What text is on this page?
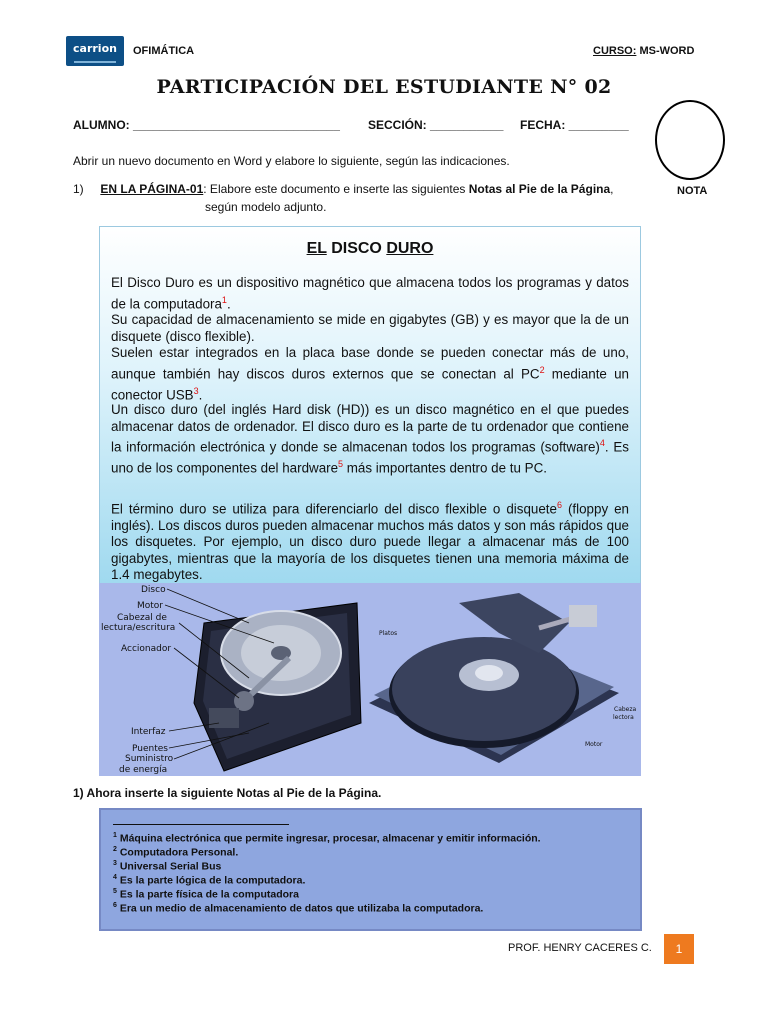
carrion	OFIMÁTICA	CURSO: MS-WORD
PARTICIPACIÓN DEL ESTUDIANTE N° 02
ALUMNO: _______________________________ SECCIÓN: ___________ FECHA: _________
NOTA
Abrir un nuevo documento en Word y elabore lo siguiente, según las indicaciones.
1) EN LA PÁGINA-01: Elabore este documento e inserte las siguientes Notas al Pie de la Página,
según modelo adjunto.
EL DISCO DURO
El Disco Duro es un dispositivo magnético que almacena todos los programas y datos de la computadora$^1$.
Su capacidad de almacenamiento se mide en gigabytes (GB) y es mayor que la de un disquete (disco flexible).
Suelen estar integrados en la placa base donde se pueden conectar más de uno, aunque también hay discos duros externos que se conectan al $PC^2$ mediante un conector USB$^3$.
Un disco duro (del inglés Hard disk (HD)) es un disco magnético en el que puedes almacenar datos de ordenador. El disco duro es la parte de tu ordenador que contiene la información electrónica y donde se almacenan todos los programas (software)$^4$. Es uno de los componentes del hardware$^5$ más importantes dentro de tu PC.
El término duro se utiliza para diferenciarlo del disco flexible o disquete$^6$ (floppy en inglés). Los discos duros pueden almacenar muchos más datos y son más rápidos que los disquetes. Por ejemplo, un disco duro puede llegar a almacenar más de 100 gigabytes, mientras que la mayoría de los disquetes tienen una memoria máxima de 1.4 megabytes.
Disco
Motor
Cabezal de
lectura/escritura
Accionador
Interfaz
Puentes
Suministro
de energía
Platos
Cabeza
lectora
Motor
1) Ahora inserte la siguiente Notas al Pie de la Página.
$^1$ Máquina electrónica que permite ingresar, procesar, almacenar y emitir información.
$^2$ Computadora Personal.
$^3$ Universal Serial Bus
$^4$ Es la parte lógica de la computadora.
$^5$ Es la parte física de la computadora
$^6$ Era un medio de almacenamiento de datos que utilizaba la computadora.
PROF. HENRY CACERES C.	1
